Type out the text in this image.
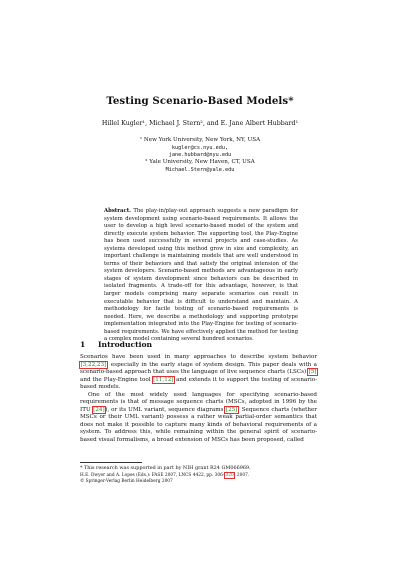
Testing Scenario-Based Models*
Hillel Kugler¹, Michael J. Stern², and E. Jane Albert Hubbard¹
¹ New York University, New York, NY, USA
kugler@cs.nyu.edu,
jane.hubbard@nyu.edu
² Yale University, New Haven, CT, USA
Michael.Stern@yale.edu
Abstract. The play-in/play-out approach suggests a new paradigm for system development using scenario-based requirements. It allows the user to develop a high level scenario-based model of the system and directly execute system behavior. The supporting tool, the Play-Engine has been used successfully in several projects and case-studies. As systems developed using this method grow in size and complexity, an important challenge is maintaining models that are well understood in terms of their behaviors and that satisfy the original intension of the system developers. Scenario-based methods are advantageous in early stages of system development since behaviors can be described in isolated fragments. A trade-off for this advantage, however, is that larger models comprising many separate scenarios can result in executable behavior that is difficult to understand and maintain. A methodology for facile testing of scenario-based requirements is needed. Here, we describe a methodology and supporting prototype implementation integrated into the Play-Engine for testing of scenario-based requirements. We have effectively applied the method for testing a complex model containing several hundred scenarios.
1 Introduction

Scenarios have been used in many approaches to describe system behavior [3,22,23], especially in the early stage of system design. This paper deals with a scenario-based approach that uses the language of live sequence charts (LSCs) [5] and the Play-Engine tool [11,12] and extends it to support the testing of scenario-based models.

One of the most widely used languages for specifying scenario-based requirements is that of message sequence charts (MSCs, adopted in 1996 by the ITU [24]), or its UML variant, sequence diagrams [25]. Sequence charts (whether MSCs or their UML variant) possess a rather weak partial-order semantics that does not make it possible to capture many kinds of behavioral requirements of a system. To address this, while remaining within the general spirit of scenario-based visual formalisms, a broad extension of MSCs has been proposed, called

* This research was supported in part by NIH grant R24 GM066969.
H.E. Dwyer and A. Lopes (Eds.): FASE 2007, LNCS 4422, pp. 306–320, 2007.
© Springer-Verlag Berlin Heidelberg 2007
